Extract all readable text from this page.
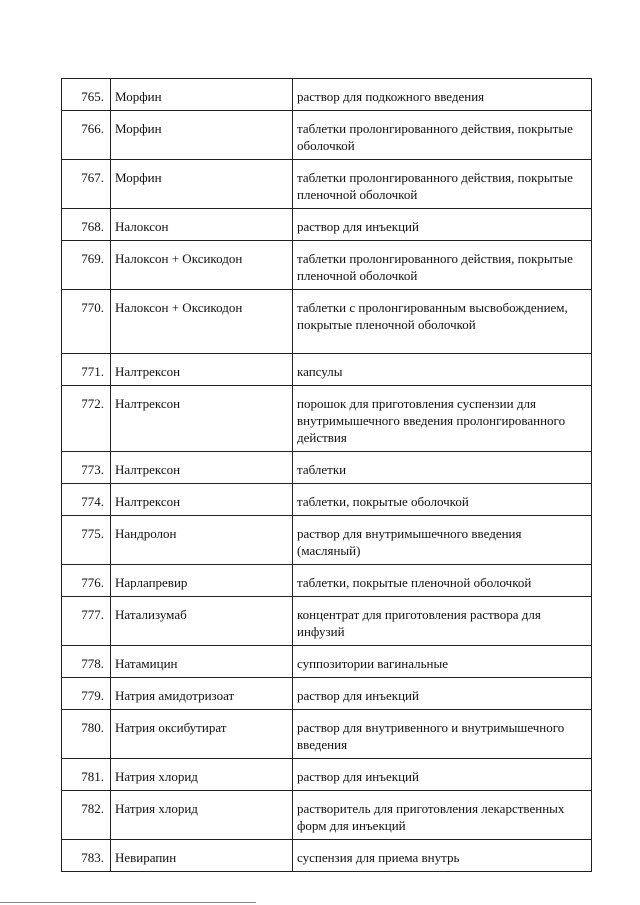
765.	Морфин	раствор для подкожного введения
766.	Морфин	таблетки пролонгированного действия, покрытые оболочкой
767.	Морфин	таблетки пролонгированного действия, покрытые пленочной оболочкой
768.	Налоксон	раствор для инъекций
769.	Налоксон + Оксикодон	таблетки пролонгированного действия, покрытые пленочной оболочкой
770.	Налоксон + Оксикодон	таблетки с пролонгированным высвобождением, покрытые пленочной оболочкой
771.	Налтрексон	капсулы
772.	Налтрексон	порошок для приготовления суспензии для внутримышечного введения пролонгированного действия
773.	Налтрексон	таблетки
774.	Налтрексон	таблетки, покрытые оболочкой
775.	Нандролон	раствор для внутримышечного введения (масляный)
776.	Нарлапревир	таблетки, покрытые пленочной оболочкой
777.	Натализумаб	концентрат для приготовления раствора для инфузий
778.	Натамицин	суппозитории вагинальные
779.	Натрия амидотризоат	раствор для инъекций
780.	Натрия оксибутират	раствор для внутривенного и внутримышечного введения
781.	Натрия хлорид	раствор для инъекций
782.	Натрия хлорид	растворитель для приготовления лекарственных форм для инъекций
783.	Невирапин	суспензия для приема внутрь
